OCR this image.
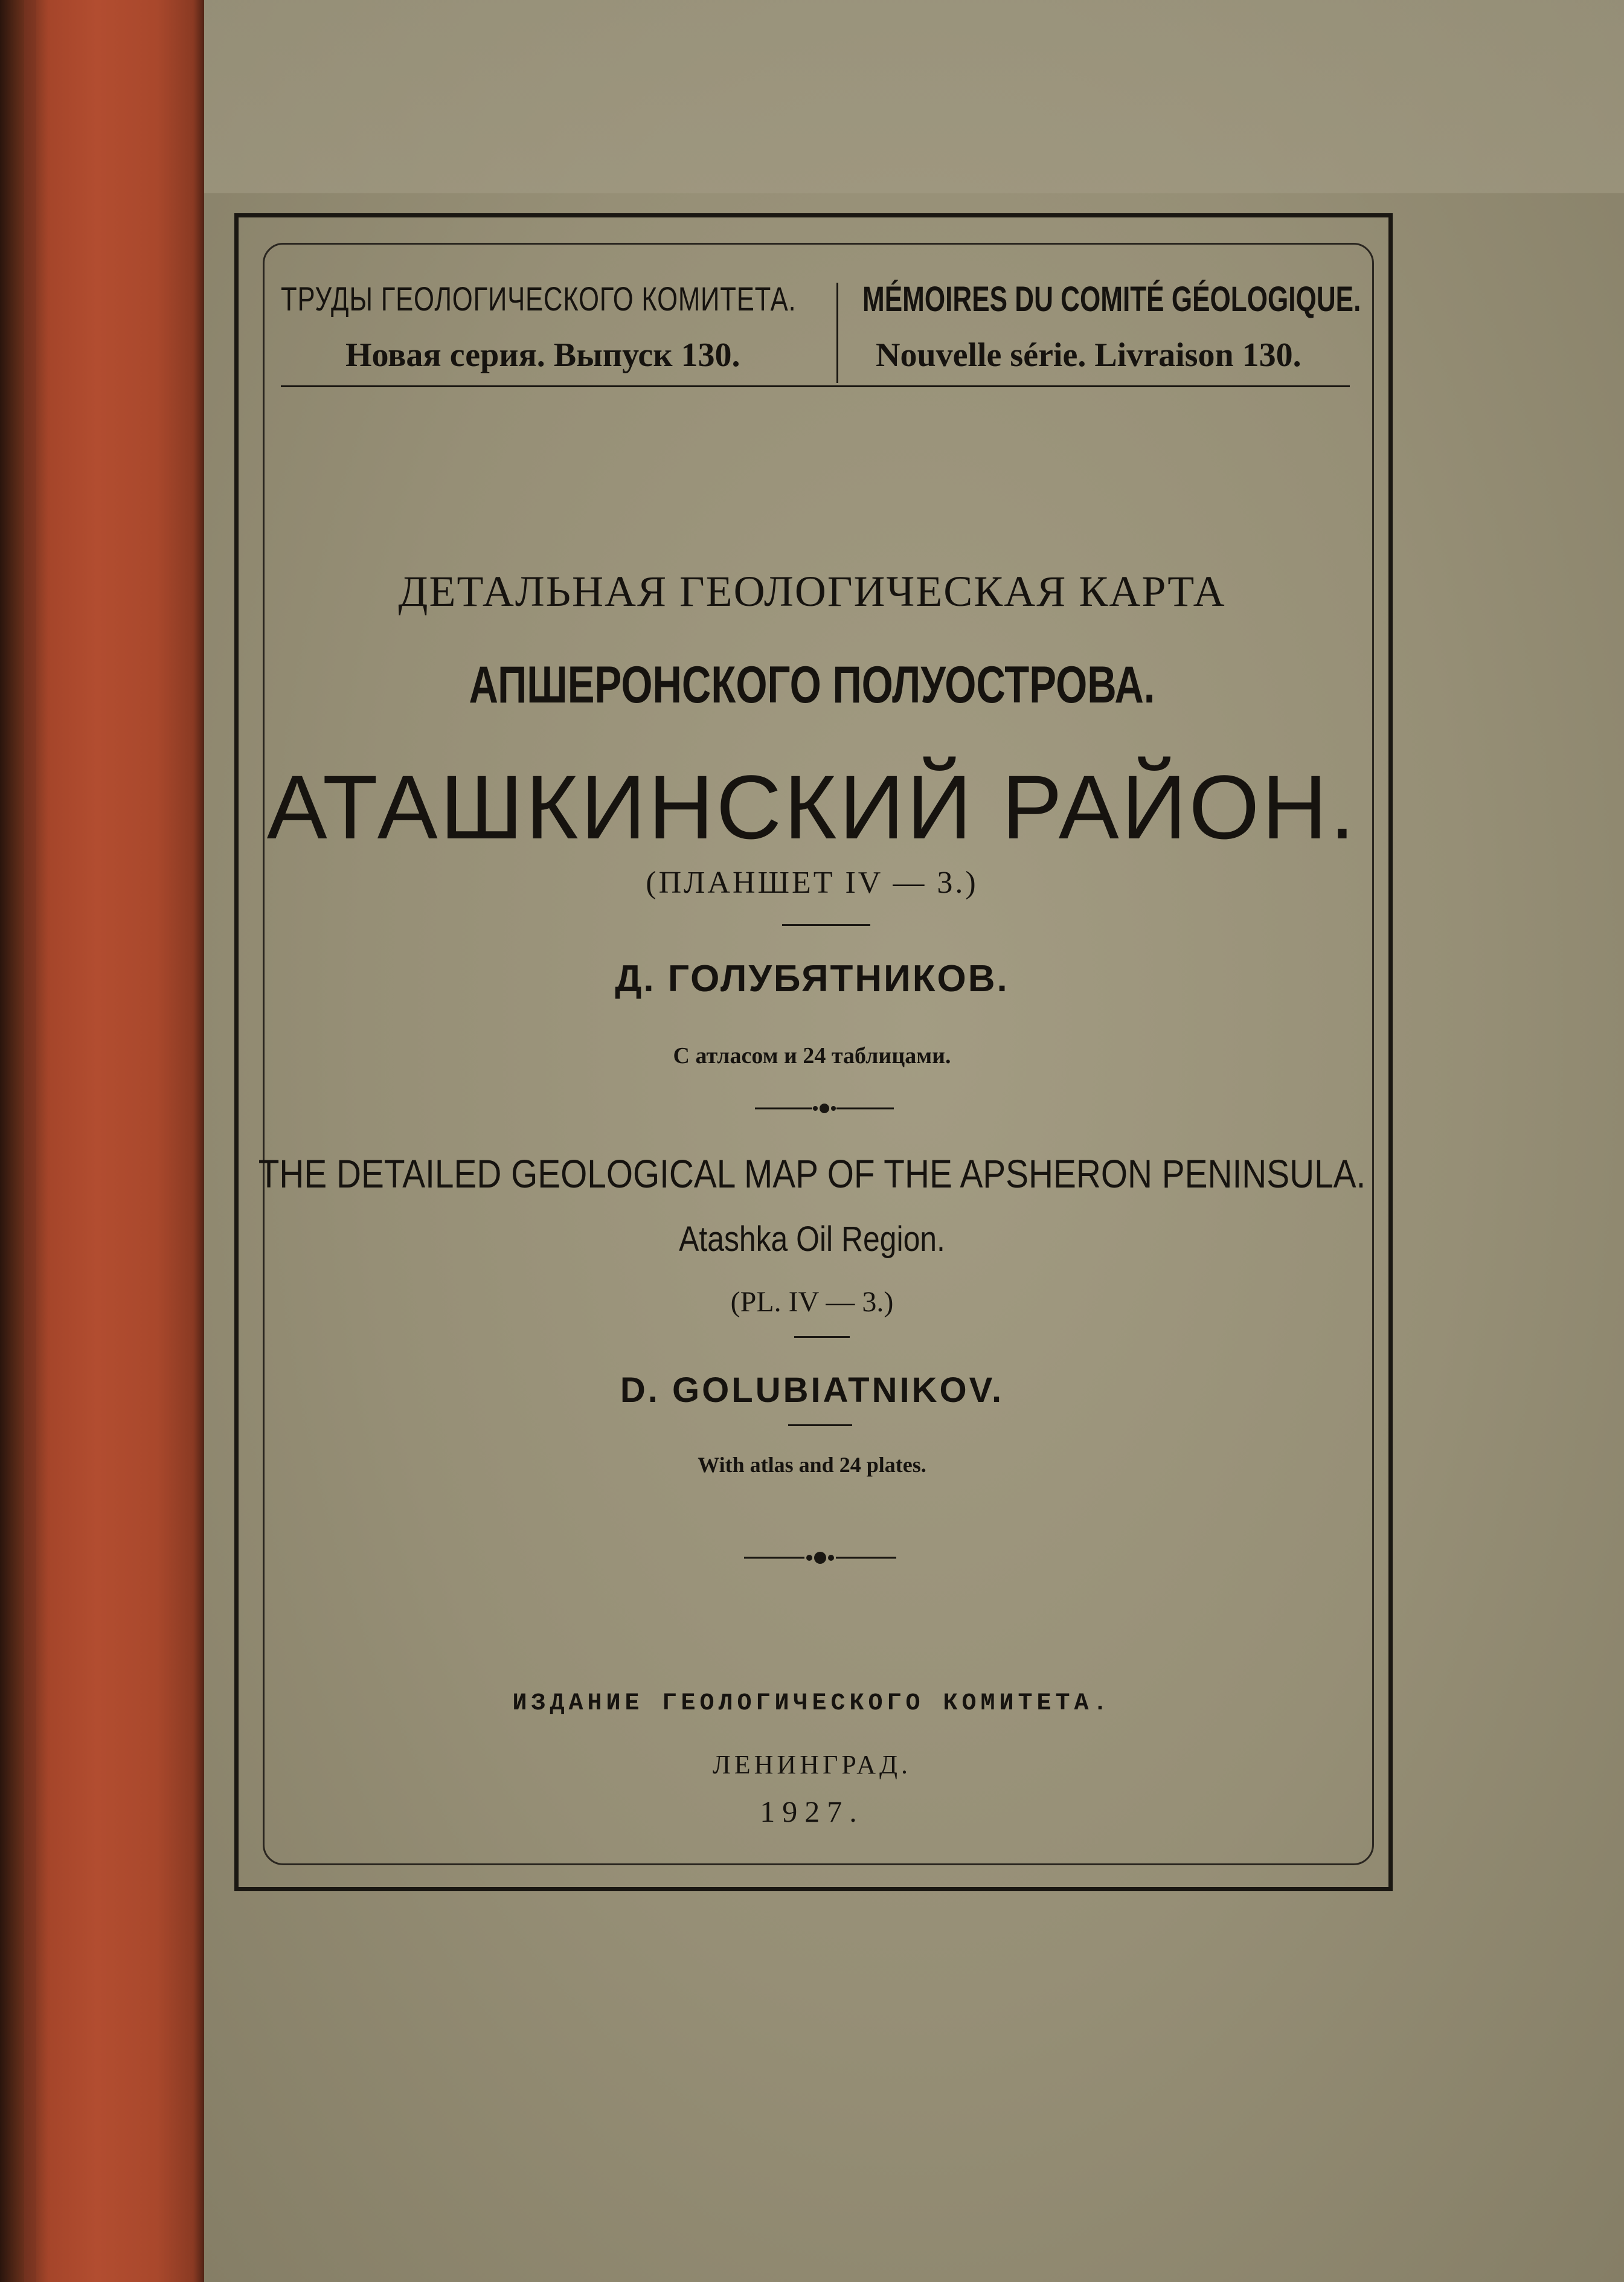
ТРУДЫ ГЕОЛОГИЧЕСКОГО КОМИТЕТА.
Новая серия. Выпуск 130.
MÉMOIRES DU COMITÉ GÉOLOGIQUE.
Nouvelle série. Livraison 130.
ДЕТАЛЬНАЯ ГЕОЛОГИЧЕСКАЯ КАРТА
АПШЕРОНСКОГО ПОЛУОСТРОВА.
АТАШКИНСКИЙ РАЙОН.
(ПЛАНШЕТ IV — 3.)
Д. ГОЛУБЯТНИКОВ.
С атласом и 24 таблицами.
THE DETAILED GEOLOGICAL MAP OF THE APSHERON PENINSULA.
Atashka Oil Region.
(PL. IV — 3.)
D. GOLUBIATNIKOV.
With atlas and 24 plates.
ИЗДАНИЕ ГЕОЛОГИЧЕСКОГО КОМИТЕТА.
ЛЕНИНГРАД.
1927.
